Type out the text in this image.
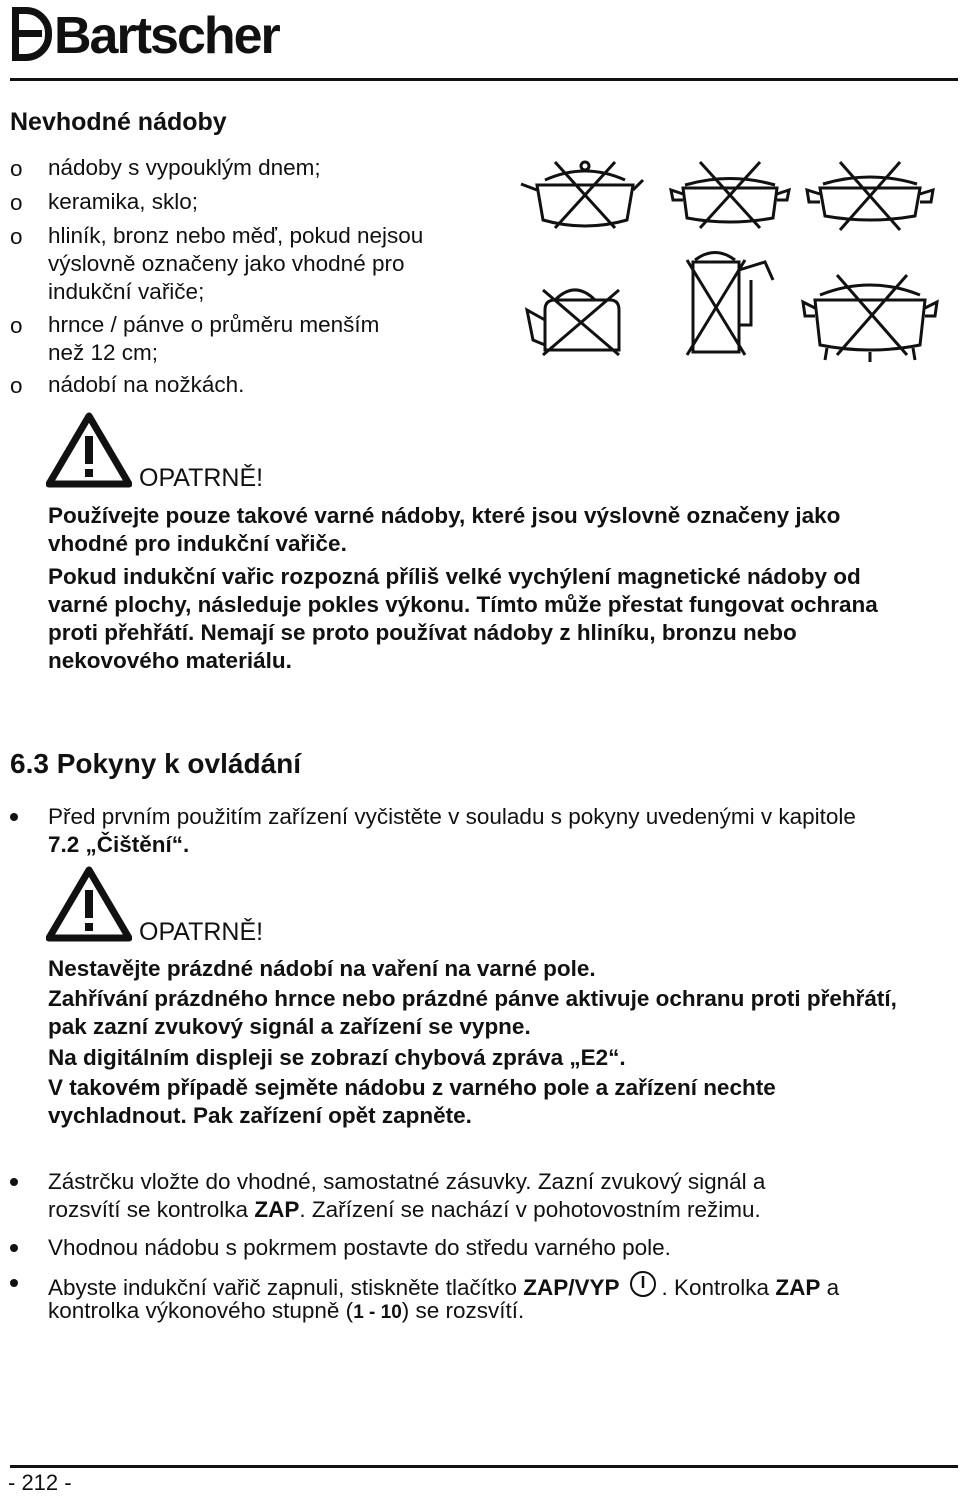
Bartscher
Nevhodné nádoby
o nádoby s vypouklým dnem;
o keramika, sklo;
o hliník, bronz nebo měď, pokud nejsou
výslovně označeny jako vhodné pro
indukční vařiče;
o hrnce / pánve o průměru menším
než 12 cm;
o nádobí na nožkách.
OPATRNĚ!
Používejte pouze takové varné nádoby, které jsou výslovně označeny jako
vhodné pro indukční vařiče.
Pokud indukční vařic rozpozná příliš velké vychýlení magnetické nádoby od
varné plochy, následuje pokles výkonu. Tímto může přestat fungovat ochrana
proti přehřátí. Nemají se proto používat nádoby z hliníku, bronzu nebo
nekovového materiálu.
6.3 Pokyny k ovládání
Před prvním použitím zařízení vyčistěte v souladu s pokyny uvedenými v kapitole
7.2 „Čištění“.
OPATRNĚ!
Nestavějte prázdné nádobí na vaření na varné pole.
Zahřívání prázdného hrnce nebo prázdné pánve aktivuje ochranu proti přehřátí,
pak zazní zvukový signál a zařízení se vypne.
Na digitálním displeji se zobrazí chybová zpráva „E2“.
V takovém případě sejměte nádobu z varného pole a zařízení nechte
vychladnout. Pak zařízení opět zapněte.
Zástrčku vložte do vhodné, samostatné zásuvky. Zazní zvukový signál a
rozsvítí se kontrolka ZAP. Zařízení se nachází v pohotovostním režimu.
Vhodnou nádobu s pokrmem postavte do středu varného pole.
Abyste indukční vařič zapnuli, stiskněte tlačítko ZAP/VYP . Kontrolka ZAP a
kontrolka výkonového stupně (1 - 10) se rozsvítí.
- 212 -
